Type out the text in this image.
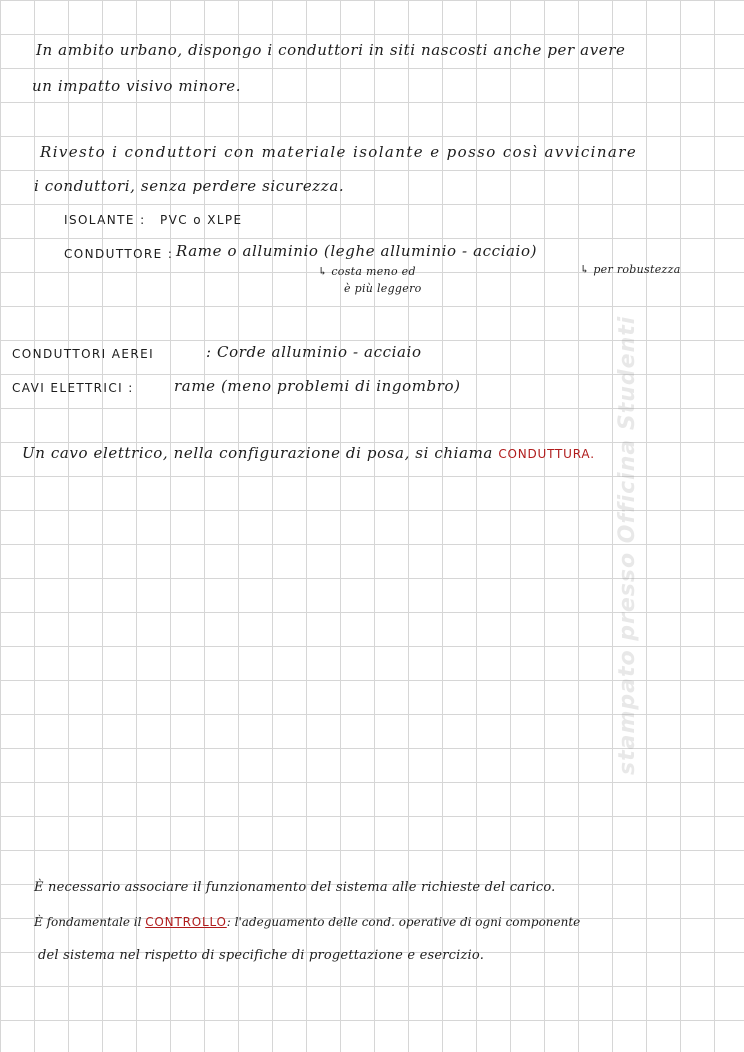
In ambito urbano, dispongo i conduttori in siti nascosti anche per avere
un impatto visivo minore.
Rivesto i conduttori con materiale isolante e posso così avvicinare
i conduttori, senza perdere sicurezza.
ISOLANTE : PVC o XLPE
CONDUTTORE : Rame o alluminio (leghe alluminio - acciaio)
↳ costa meno ed
è più leggero
↳ per robustezza
CONDUTTORI AEREI	: Corde alluminio - acciaio
CAVI ELETTRICI :	rame (meno problemi di ingombro)
Un cavo elettrico, nella configurazione di posa, si chiama CONDUTTURA.
È necessario associare il funzionamento del sistema alle richieste del carico.
È fondamentale il CONTROLLO: l'adeguamento delle cond. operative di ogni componente
del sistema nel rispetto di specifiche di progettazione e esercizio.
stampato presso Officina Studenti
